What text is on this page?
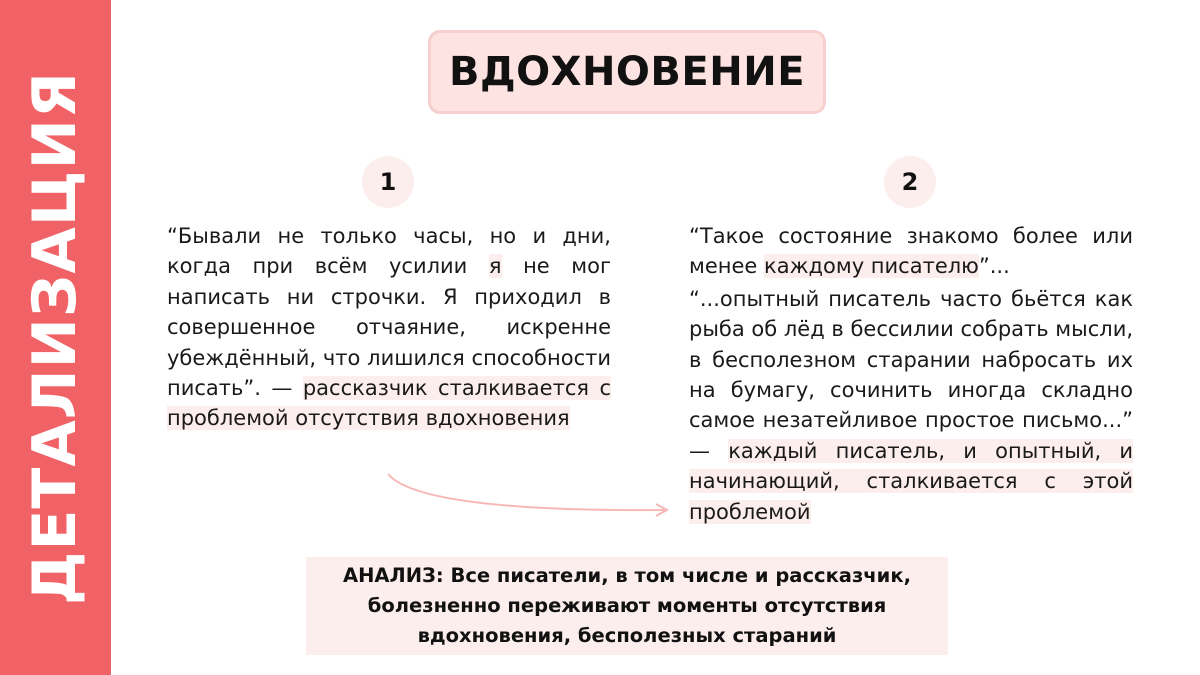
ДЕТАЛИЗАЦИЯ	ВДОХНОВЕНИЕ
1	2

“Бывали не только часы, но и дни, когда при всём усилии я не мог написать ни строчки. Я приходил в совершенное отчаяние, искренне убеждённый, что лишился способности писать”. — рассказчик сталкивается с проблемой отсутствия вдохновения

“Такое состояние знакомо более или менее каждому писателю”...

“...опытный писатель часто бьётся как рыба об лёд в бессилии собрать мысли, в бесполезном старании набросать их на бумагу, сочинить иногда складно самое незатейливое простое письмо...” — каждый писатель, и опытный, и начинающий, сталкивается с этой проблемой

АНАЛИЗ: Все писатели, в том числе и рассказчик,
болезненно переживают моменты отсутствия
вдохновения, бесполезных стараний
